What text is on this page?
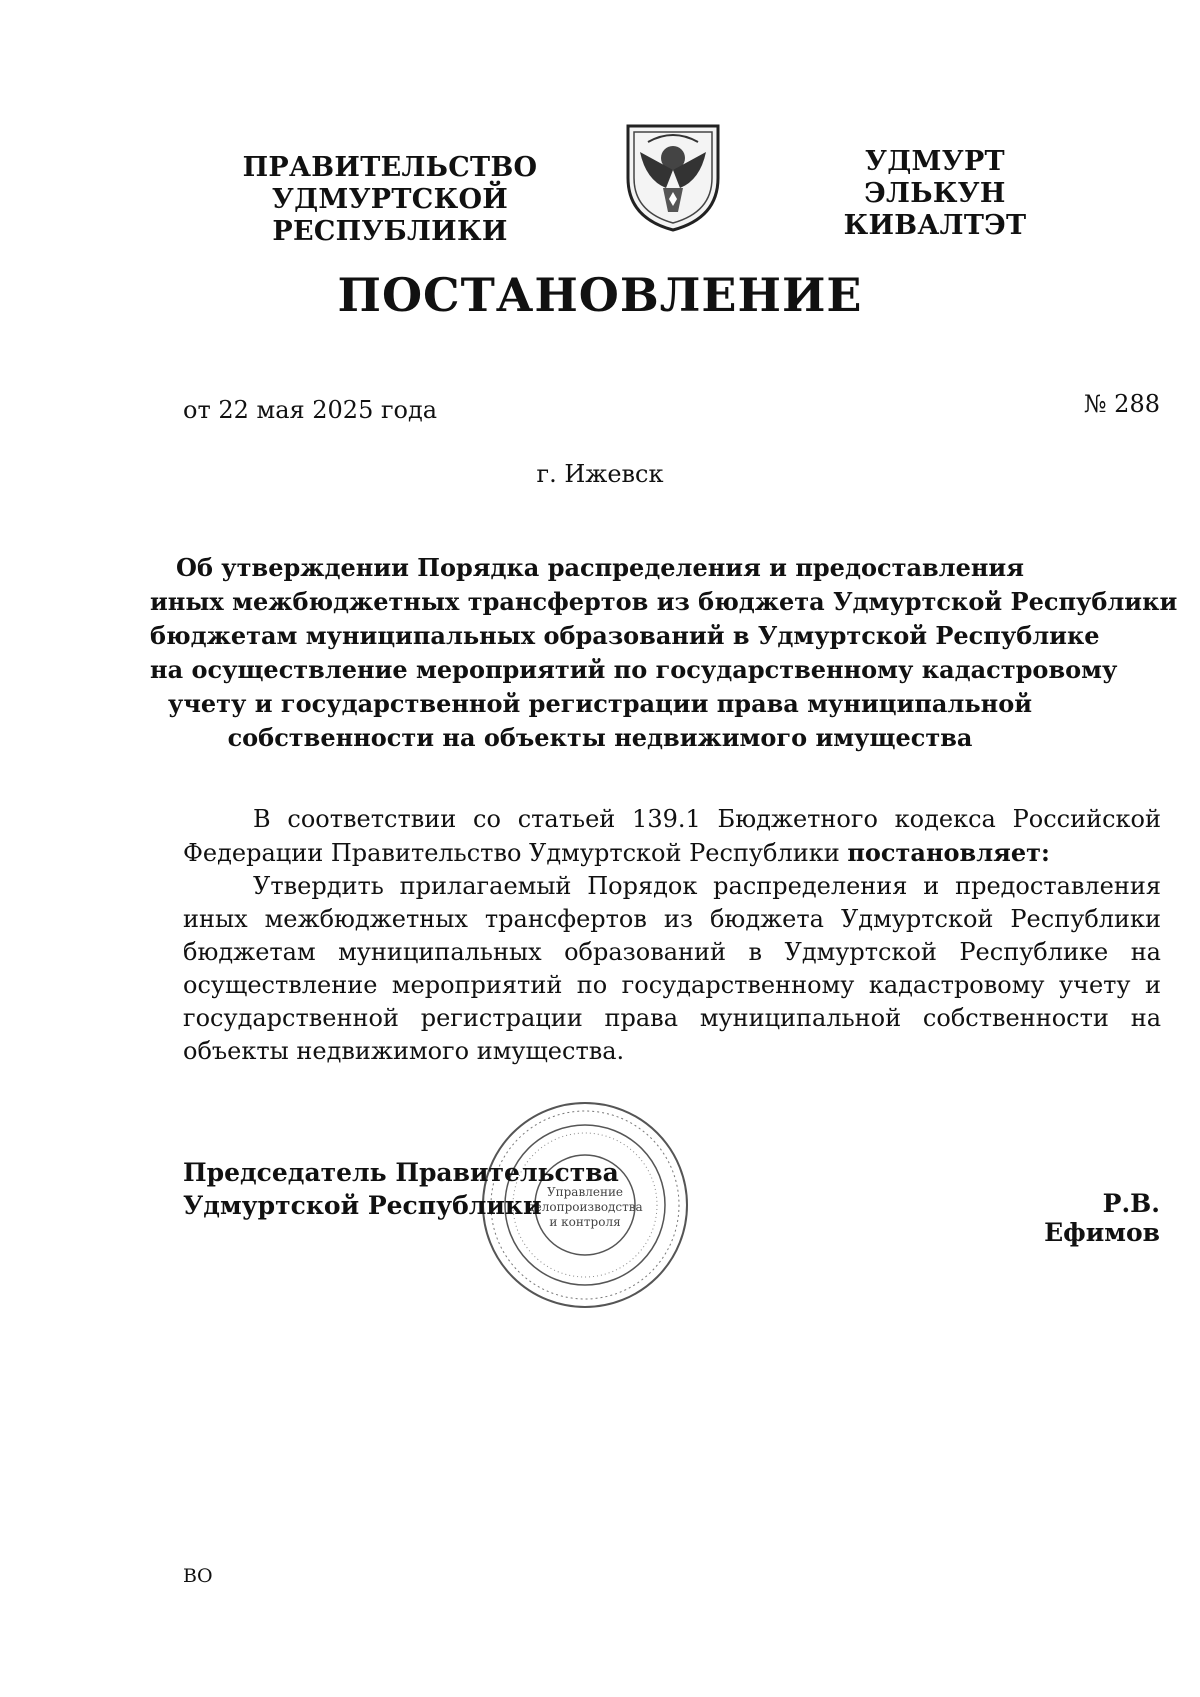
ПРАВИТЕЛЬСТВО
УДМУРТСКОЙ РЕСПУБЛИКИ
УДМУРТ ЭЛЬКУН
КИВАЛТЭТ
ПОСТАНОВЛЕНИЕ
от 22 мая 2025 года	№ 288
г. Ижевск
Об утверждении Порядка распределения и предоставления
иных межбюджетных трансфертов из бюджета Удмуртской Республики
бюджетам муниципальных образований в Удмуртской Республике
на осуществление мероприятий по государственному кадастровому
учету и государственной регистрации права муниципальной
собственности на объекты недвижимого имущества

В соответствии со статьей 139.1 Бюджетного кодекса Российской Федерации Правительство Удмуртской Республики постановляет:

Утвердить прилагаемый Порядок распределения и предоставления иных межбюджетных трансфертов из бюджета Удмуртской Республики бюджетам муниципальных образований в Удмуртской Республике на осуществление мероприятий по государственному кадастровому учету и государственной регистрации права муниципальной собственности на объекты недвижимого имущества.

Управление
делопроизводства
и контроля
Председатель Правительства
Удмуртской Республики	Р.В. Ефимов
ВО
